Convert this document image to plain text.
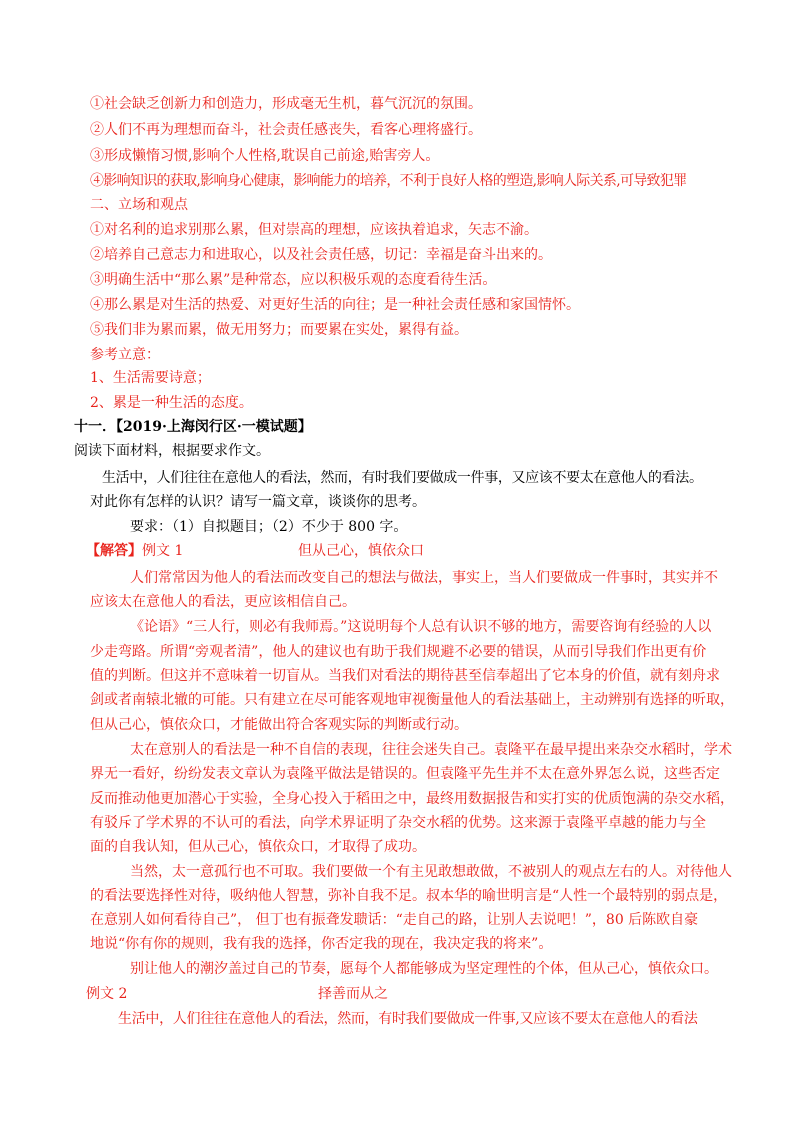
①社会缺乏创新力和创造力，形成毫无生机，暮气沉沉的氛围。
②人们不再为理想而奋斗，社会责任感丧失，看客心理将盛行。
③形成懒惰习惯,影响个人性格,耽误自己前途,贻害旁人。
④影响知识的获取,影响身心健康，影响能力的培养，不利于良好人格的塑造,影响人际关系,可导致犯罪
二、立场和观点
①对名利的追求别那么累，但对崇高的理想，应该执着追求，矢志不渝。
②培养自己意志力和进取心，以及社会责任感，切记：幸福是奋斗出来的。
③明确生活中“那么累”是种常态，应以积极乐观的态度看待生活。
④那么累是对生活的热爱、对更好生活的向往；是一种社会责任感和家国情怀。
⑤我们非为累而累，做无用努力；而要累在实处，累得有益。
参考立意：
1、生活需要诗意；
2、累是一种生活的态度。
十一．【2019·上海闵行区·一模试题】
阅读下面材料，根据要求作文。
生活中，人们往往在意他人的看法，然而，有时我们要做成一件事，又应该不要太在意他人的看法。
对此你有怎样的认识？请写一篇文章，谈谈你的思考。
要求：（1）自拟题目；（2）不少于 800 字。
【解答】例文 1	但从己心，慎依众口
人们常常因为他人的看法而改变自己的想法与做法，事实上，当人们要做成一件事时，其实并不
应该太在意他人的看法，更应该相信自己。
《论语》“三人行，则必有我师焉。”这说明每个人总有认识不够的地方，需要咨询有经验的人以
少走弯路。所谓“旁观者清”，他人的建议也有助于我们规避不必要的错误，从而引导我们作出更有价
值的判断。但这并不意味着一切盲从。当我们对看法的期待甚至信奉超出了它本身的价值，就有刻舟求
剑或者南辕北辙的可能。只有建立在尽可能客观地审视衡量他人的看法基础上，主动辨别有选择的听取，
但从己心，慎依众口，才能做出符合客观实际的判断或行动。
太在意别人的看法是一种不自信的表现，往往会迷失自己。袁隆平在最早提出来杂交水稻时，学术
界无一看好，纷纷发表文章认为袁隆平做法是错误的。但袁隆平先生并不太在意外界怎么说，这些否定
反而推动他更加潜心于实验，全身心投入于稻田之中，最终用数据报告和实打实的优质饱满的杂交水稻，
有驳斥了学术界的不认可的看法，向学术界证明了杂交水稻的优势。这来源于袁隆平卓越的能力与全
面的自我认知，但从己心，慎依众口，才取得了成功。
当然，太一意孤行也不可取。我们要做一个有主见敢想敢做，不被别人的观点左右的人。对待他人
的看法要选择性对待，吸纳他人智慧，弥补自我不足。叔本华的喻世明言是“人性一个最特别的弱点是，
在意别人如何看待自己”， 但丁也有振聋发聩话：“走自己的路，让别人去说吧！”，80 后陈欧自豪
地说“你有你的规则，我有我的选择，你否定我的现在，我决定我的将来”。
别让他人的潮汐盖过自己的节奏，愿每个人都能够成为坚定理性的个体，但从己心，慎依众口。
例文 2	择善而从之
生活中，人们往往在意他人的看法，然而，有时我们要做成一件事,又应该不要太在意他人的看法
